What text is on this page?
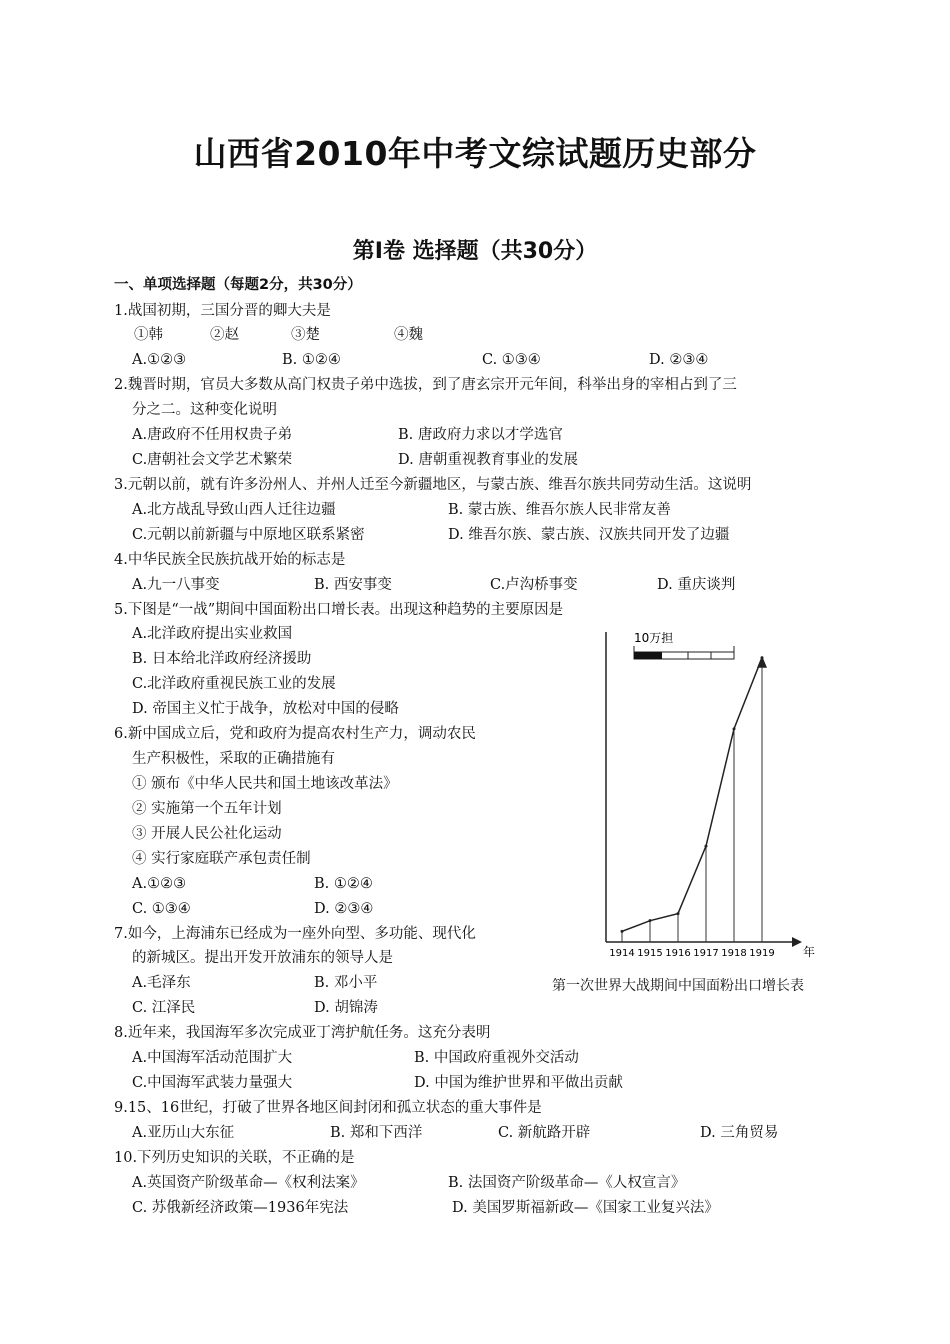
山西省2010年中考文综试题历史部分
第Ⅰ卷 选择题（共30分）
一、单项选择题（每题2分，共30分）
1.战国初期，三国分晋的卿大夫是
①韩	②赵	③楚	④魏
A.①②③	B. ①②④	C. ①③④	D. ②③④
2.魏晋时期，官员大多数从高门权贵子弟中选拔，到了唐玄宗开元年间，科举出身的宰相占到了三
分之二。这种变化说明
A.唐政府不任用权贵子弟	B. 唐政府力求以才学选官
C.唐朝社会文学艺术繁荣	D. 唐朝重视教育事业的发展
3.元朝以前，就有许多汾州人、并州人迁至今新疆地区，与蒙古族、维吾尔族共同劳动生活。这说明
A.北方战乱导致山西人迁往边疆	B. 蒙古族、维吾尔族人民非常友善
C.元朝以前新疆与中原地区联系紧密	D. 维吾尔族、蒙古族、汉族共同开发了边疆
4.中华民族全民族抗战开始的标志是
A.九一八事变	B. 西安事变	C.卢沟桥事变	D. 重庆谈判
5.下图是“一战”期间中国面粉出口增长表。出现这种趋势的主要原因是
A.北洋政府提出实业救国
B. 日本给北洋政府经济援助
C.北洋政府重视民族工业的发展
D. 帝国主义忙于战争，放松对中国的侵略
6.新中国成立后，党和政府为提高农村生产力，调动农民
生产积极性，采取的正确措施有
① 颁布《中华人民共和国土地该改革法》
② 实施第一个五年计划
③ 开展人民公社化运动
④ 实行家庭联产承包责任制
A.①②③	B. ①②④
C. ①③④	D. ②③④
7.如今，上海浦东已经成为一座外向型、多功能、现代化
的新城区。提出开发开放浦东的领导人是
A.毛泽东	B. 邓小平
C. 江泽民	D. 胡锦涛
8.近年来，我国海军多次完成亚丁湾护航任务。这充分表明
A.中国海军活动范围扩大	B. 中国政府重视外交活动
C.中国海军武装力量强大	D. 中国为维护世界和平做出贡献
9.15、16世纪，打破了世界各地区间封闭和孤立状态的重大事件是
A.亚历山大东征	B. 郑和下西洋	C. 新航路开辟	D. 三角贸易
10.下列历史知识的关联，不正确的是
A.英国资产阶级革命—《权利法案》	B. 法国资产阶级革命—《人权宣言》
C. 苏俄新经济政策—1936年宪法	D. 美国罗斯福新政—《国家工业复兴法》
10万担
年
1914 1915 1916 1917 1918 1919
第一次世界大战期间中国面粉出口增长表
